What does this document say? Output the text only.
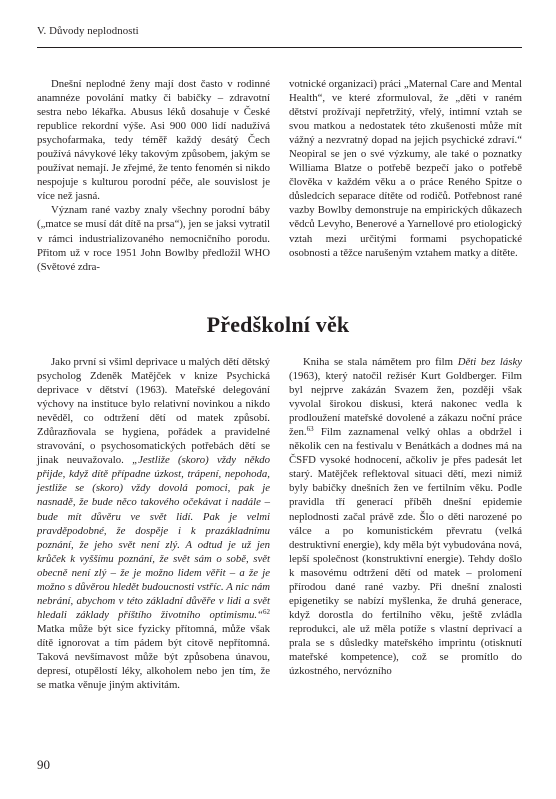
V. Důvody neplodnosti

Dnešní neplodné ženy mají dost často v rodinné anamnéze povolání matky či babičky – zdravotní sestra nebo lékařka. Abusus léků dosahuje v České republice rekordní výše. Asi 900 000 lidí nadužívá psychofarmaka, tedy téměř každý desátý Čech používá návykové léky takovým způsobem, jakým se používat nemají. Je zřejmé, že tento fenomén si nikdo nespojuje s kulturou porodní péče, ale souvislost je více než jasná.

Význam rané vazby znaly všechny porodní báby („matce se musí dát dítě na prsa“), jen se jaksi vytratil v rámci industrializovaného nemocničního porodu. Přitom už v roce 1951 John Bowlby předložil WHO (Světové zdra-

votnické organizaci) práci „Maternal Care and Mental Health“, ve které zformuloval, že „děti v raném dětství prožívají nepřetržitý, vřelý, intimní vztah se svou matkou a nedostatek této zkušenosti může mít vážný a nezvratný dopad na jejich psychické zdraví.“ Neopiral se jen o své výzkumy, ale také o poznatky Williama Blatze o potřebě bezpečí jako o potřebě člověka v každém věku a o práce Reného Spitze o důsledcích separace dítěte od rodičů. Potřebnost rané vazby Bowlby demonstruje na empirických důkazech vědců Levyho, Benerové a Yarnellové pro etiologický vztah mezi určitými formami psychopatické osobnosti a těžce narušeným vztahem matky a dítěte.

Předškolní věk

Jako první si všiml deprivace u malých dětí dětský psycholog Zdeněk Matějček v knize Psychická deprivace v dětství (1963). Mateřské delegování výchovy na instituce bylo relativní novinkou a nikdo nevěděl, co odtržení dětí od matek způsobí. Zdůrazňovala se hygiena, pořádek a pravidelné stravování, o psychosomatických potřebách dětí se jinak neuvažovalo. „Jestliže (skoro) vždy někdo přijde, když dítě případne úzkost, trápení, nepohoda, jestliže se (skoro) vždy dovolá pomoci, pak je nasnadě, že bude něco takového očekávat i nadále – bude mít důvěru ve svět lidí. Pak je velmi pravděpodobné, že dospěje i k prazákladnímu poznání, že jeho svět není zlý. A odtud je už jen krůček k vyššímu poznání, že svět sám o sobě, svět obecně není zlý – že je možno lidem věřit – a že je možno s důvěrou hledět budoucnosti vstříc. A nic nám nebrání, abychom v této základní důvěře v lidi a svět hledali základy příštího životního optimismu.“$^{62}$ Matka může být sice fyzicky přítomná, může však dítě ignorovat a tím pádem být citově nepřítomná. Taková nevšímavost může být způsobena únavou, depresí, otupělostí léky, alkoholem nebo jen tím, že se matka věnuje jiným aktivitám.

Kniha se stala námětem pro film Děti bez lásky (1963), který natočil režisér Kurt Goldberger. Film byl nejprve zakázán Svazem žen, později však vyvolal širokou diskusi, která nakonec vedla k prodloužení mateřské dovolené a zákazu noční práce žen.$^{63}$ Film zaznamenal velký ohlas a obdržel i několik cen na festivalu v Benátkách a dodnes má na ČSFD vysoké hodnocení, ačkoliv je přes padesát let starý. Matějček reflektoval situaci dětí, mezi nimiž byly babičky dnešních žen ve fertilním věku. Podle pravidla tří generací příběh dnešní epidemie neplodnosti začal právě zde. Šlo o děti narozené po válce a po komunistickém převratu (velká destruktivní energie), kdy měla být vybudována nová, lepší společnost (konstruktivní energie). Tehdy došlo k masovému odtržení dětí od matek – prolomení přírodou dané rané vazby. Při dnešní znalosti epigenetiky se nabízí myšlenka, že druhá generace, když dorostla do fertilního věku, ještě zvládla reprodukci, ale už měla potíže s vlastní deprivací a prala se s důsledky mateřského imprintu (otisknutí mateřské kompetence), což se promítlo do úzkostného, nervózního

90
